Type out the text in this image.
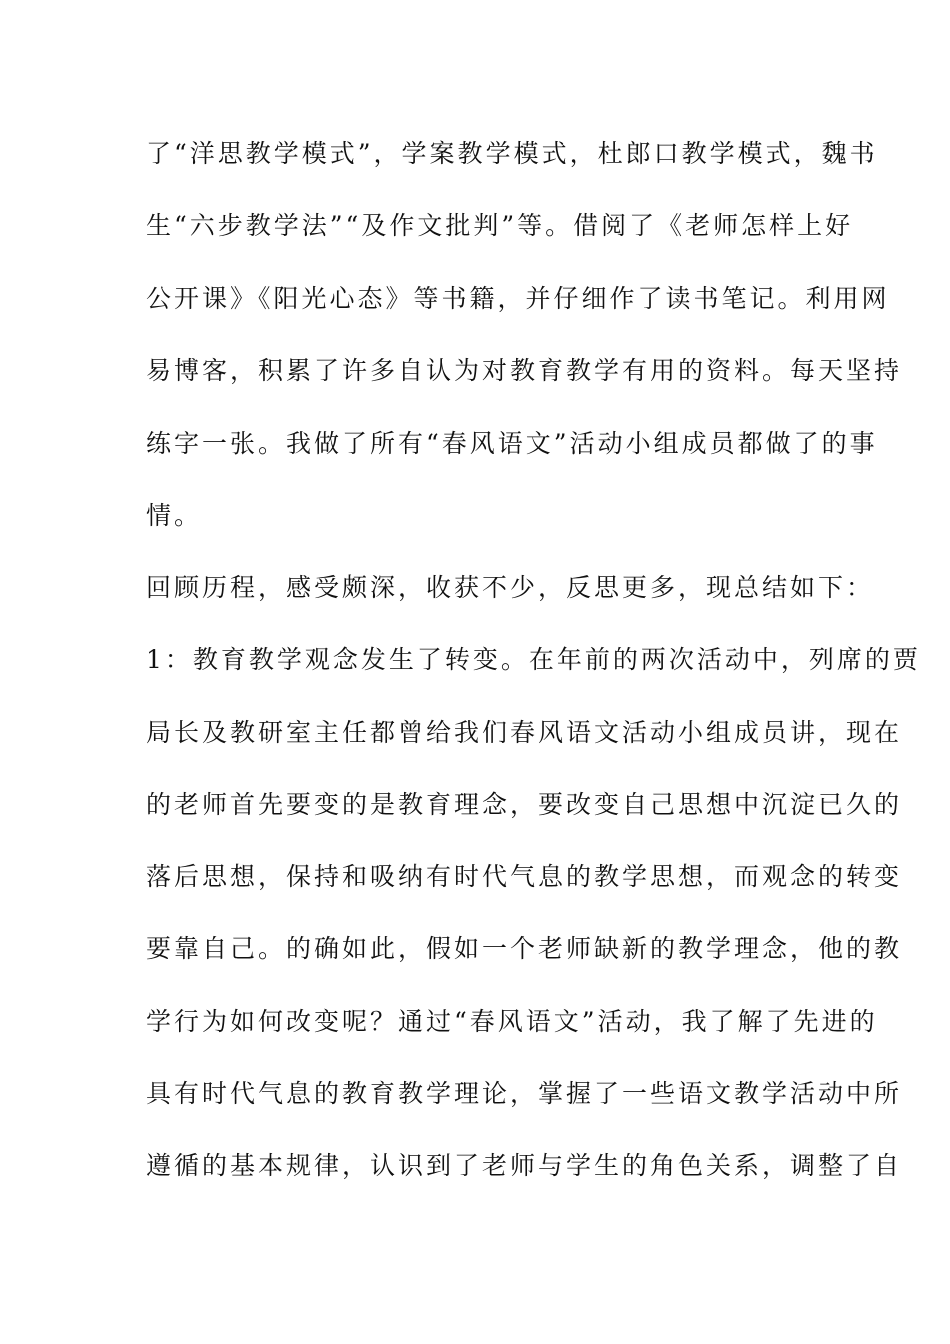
了“洋思教学模式”，学案教学模式，杜郎口教学模式，魏书
生“六步教学法”“及作文批判”等。借阅了《老师怎样上好
公开课》《阳光心态》等书籍，并仔细作了读书笔记。利用网
易博客，积累了许多自认为对教育教学有用的资料。每天坚持
练字一张。我做了所有“春风语文”活动小组成员都做了的事
情。
回顾历程，感受颇深，收获不少，反思更多，现总结如下：
1：教育教学观念发生了转变。在年前的两次活动中，列席的贾
局长及教研室主任都曾给我们春风语文活动小组成员讲，现在
的老师首先要变的是教育理念，要改变自己思想中沉淀已久的
落后思想，保持和吸纳有时代气息的教学思想，而观念的转变
要靠自己。的确如此，假如一个老师缺新的教学理念，他的教
学行为如何改变呢？通过“春风语文”活动，我了解了先进的
具有时代气息的教育教学理论，掌握了一些语文教学活动中所
遵循的基本规律，认识到了老师与学生的角色关系，调整了自
